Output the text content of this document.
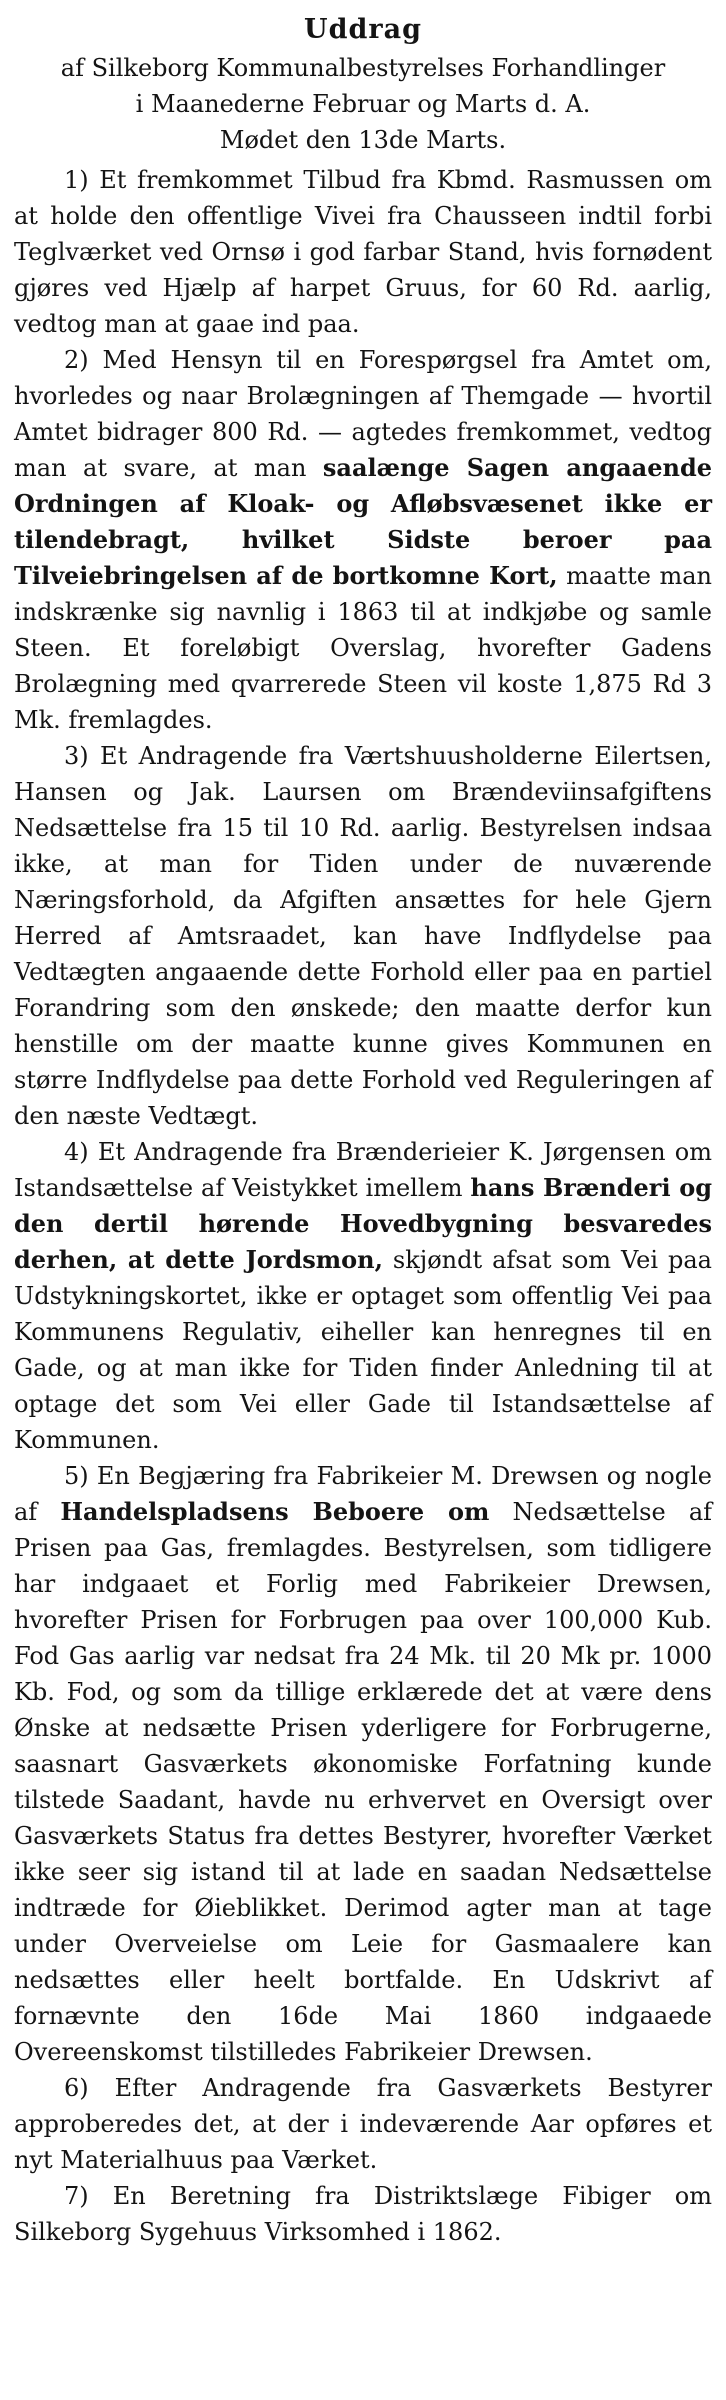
Uddrag
af Silkeborg Kommunalbestyrelses Forhandlinger
i Maanederne Februar og Marts d. A.
Mødet den 13de Marts.

1) Et fremkommet Tilbud fra Kbmd. Rasmussen om at holde den offentlige Vivei fra Chausseen indtil forbi Teglværket ved Ornsø i god farbar Stand, hvis fornødent gjøres ved Hjælp af harpet Gruus, for 60 Rd. aarlig, vedtog man at gaae ind paa.

2) Med Hensyn til en Forespørgsel fra Amtet om, hvorledes og naar Brolægningen af Themgade — hvortil Amtet bidrager 800 Rd. — agtedes fremkommet, vedtog man at svare, at man saalænge Sagen angaaende Ordningen af Kloak- og Afløbsvæsenet ikke er tilendebragt, hvilket Sidste beroer paa Tilveiebringelsen af de bortkomne Kort, maatte man indskrænke sig navnlig i 1863 til at indkjøbe og samle Steen. Et foreløbigt Overslag, hvorefter Gadens Brolægning med qvarrerede Steen vil koste 1,875 Rd 3 Mk. fremlagdes.

3) Et Andragende fra Værtshuusholderne Eilertsen, Hansen og Jak. Laursen om Brændeviinsafgiftens Nedsættelse fra 15 til 10 Rd. aarlig. Bestyrelsen indsaa ikke, at man for Tiden under de nuværende Næringsforhold, da Afgiften ansættes for hele Gjern Herred af Amtsraadet, kan have Indflydelse paa Vedtægten angaaende dette Forhold eller paa en partiel Forandring som den ønskede; den maatte derfor kun henstille om der maatte kunne gives Kommunen en større Indflydelse paa dette Forhold ved Reguleringen af den næste Vedtægt.

4) Et Andragende fra Brænderieier K. Jørgensen om Istandsættelse af Veistykket imellem hans Brænderi og den dertil hørende Hovedbygning besvaredes derhen, at dette Jordsmon, skjøndt afsat som Vei paa Udstykningskortet, ikke er optaget som offentlig Vei paa Kommunens Regulativ, eiheller kan henregnes til en Gade, og at man ikke for Tiden finder Anledning til at optage det som Vei eller Gade til Istandsættelse af Kommunen.

5) En Begjæring fra Fabrikeier M. Drewsen og nogle af Handelspladsens Beboere om Nedsættelse af Prisen paa Gas, fremlagdes. Bestyrelsen, som tidligere har indgaaet et Forlig med Fabrikeier Drewsen, hvorefter Prisen for Forbrugen paa over 100,000 Kub. Fod Gas aarlig var nedsat fra 24 Mk. til 20 Mk pr. 1000 Kb. Fod, og som da tillige erklærede det at være dens Ønske at nedsætte Prisen yderligere for Forbrugerne, saasnart Gasværkets økonomiske Forfatning kunde tilstede Saadant, havde nu erhvervet en Oversigt over Gasværkets Status fra dettes Bestyrer, hvorefter Værket ikke seer sig istand til at lade en saadan Nedsættelse indtræde for Øieblikket. Derimod agter man at tage under Overveielse om Leie for Gasmaalere kan nedsættes eller heelt bortfalde. En Udskrivt af fornævnte den 16de Mai 1860 indgaaede Overeenskomst tilstilledes Fabrikeier Drewsen.

6) Efter Andragende fra Gasværkets Bestyrer approberedes det, at der i indeværende Aar opføres et nyt Materialhuus paa Værket.

7) En Beretning fra Distriktslæge Fibiger om Silkeborg Sygehuus Virksomhed i 1862.
